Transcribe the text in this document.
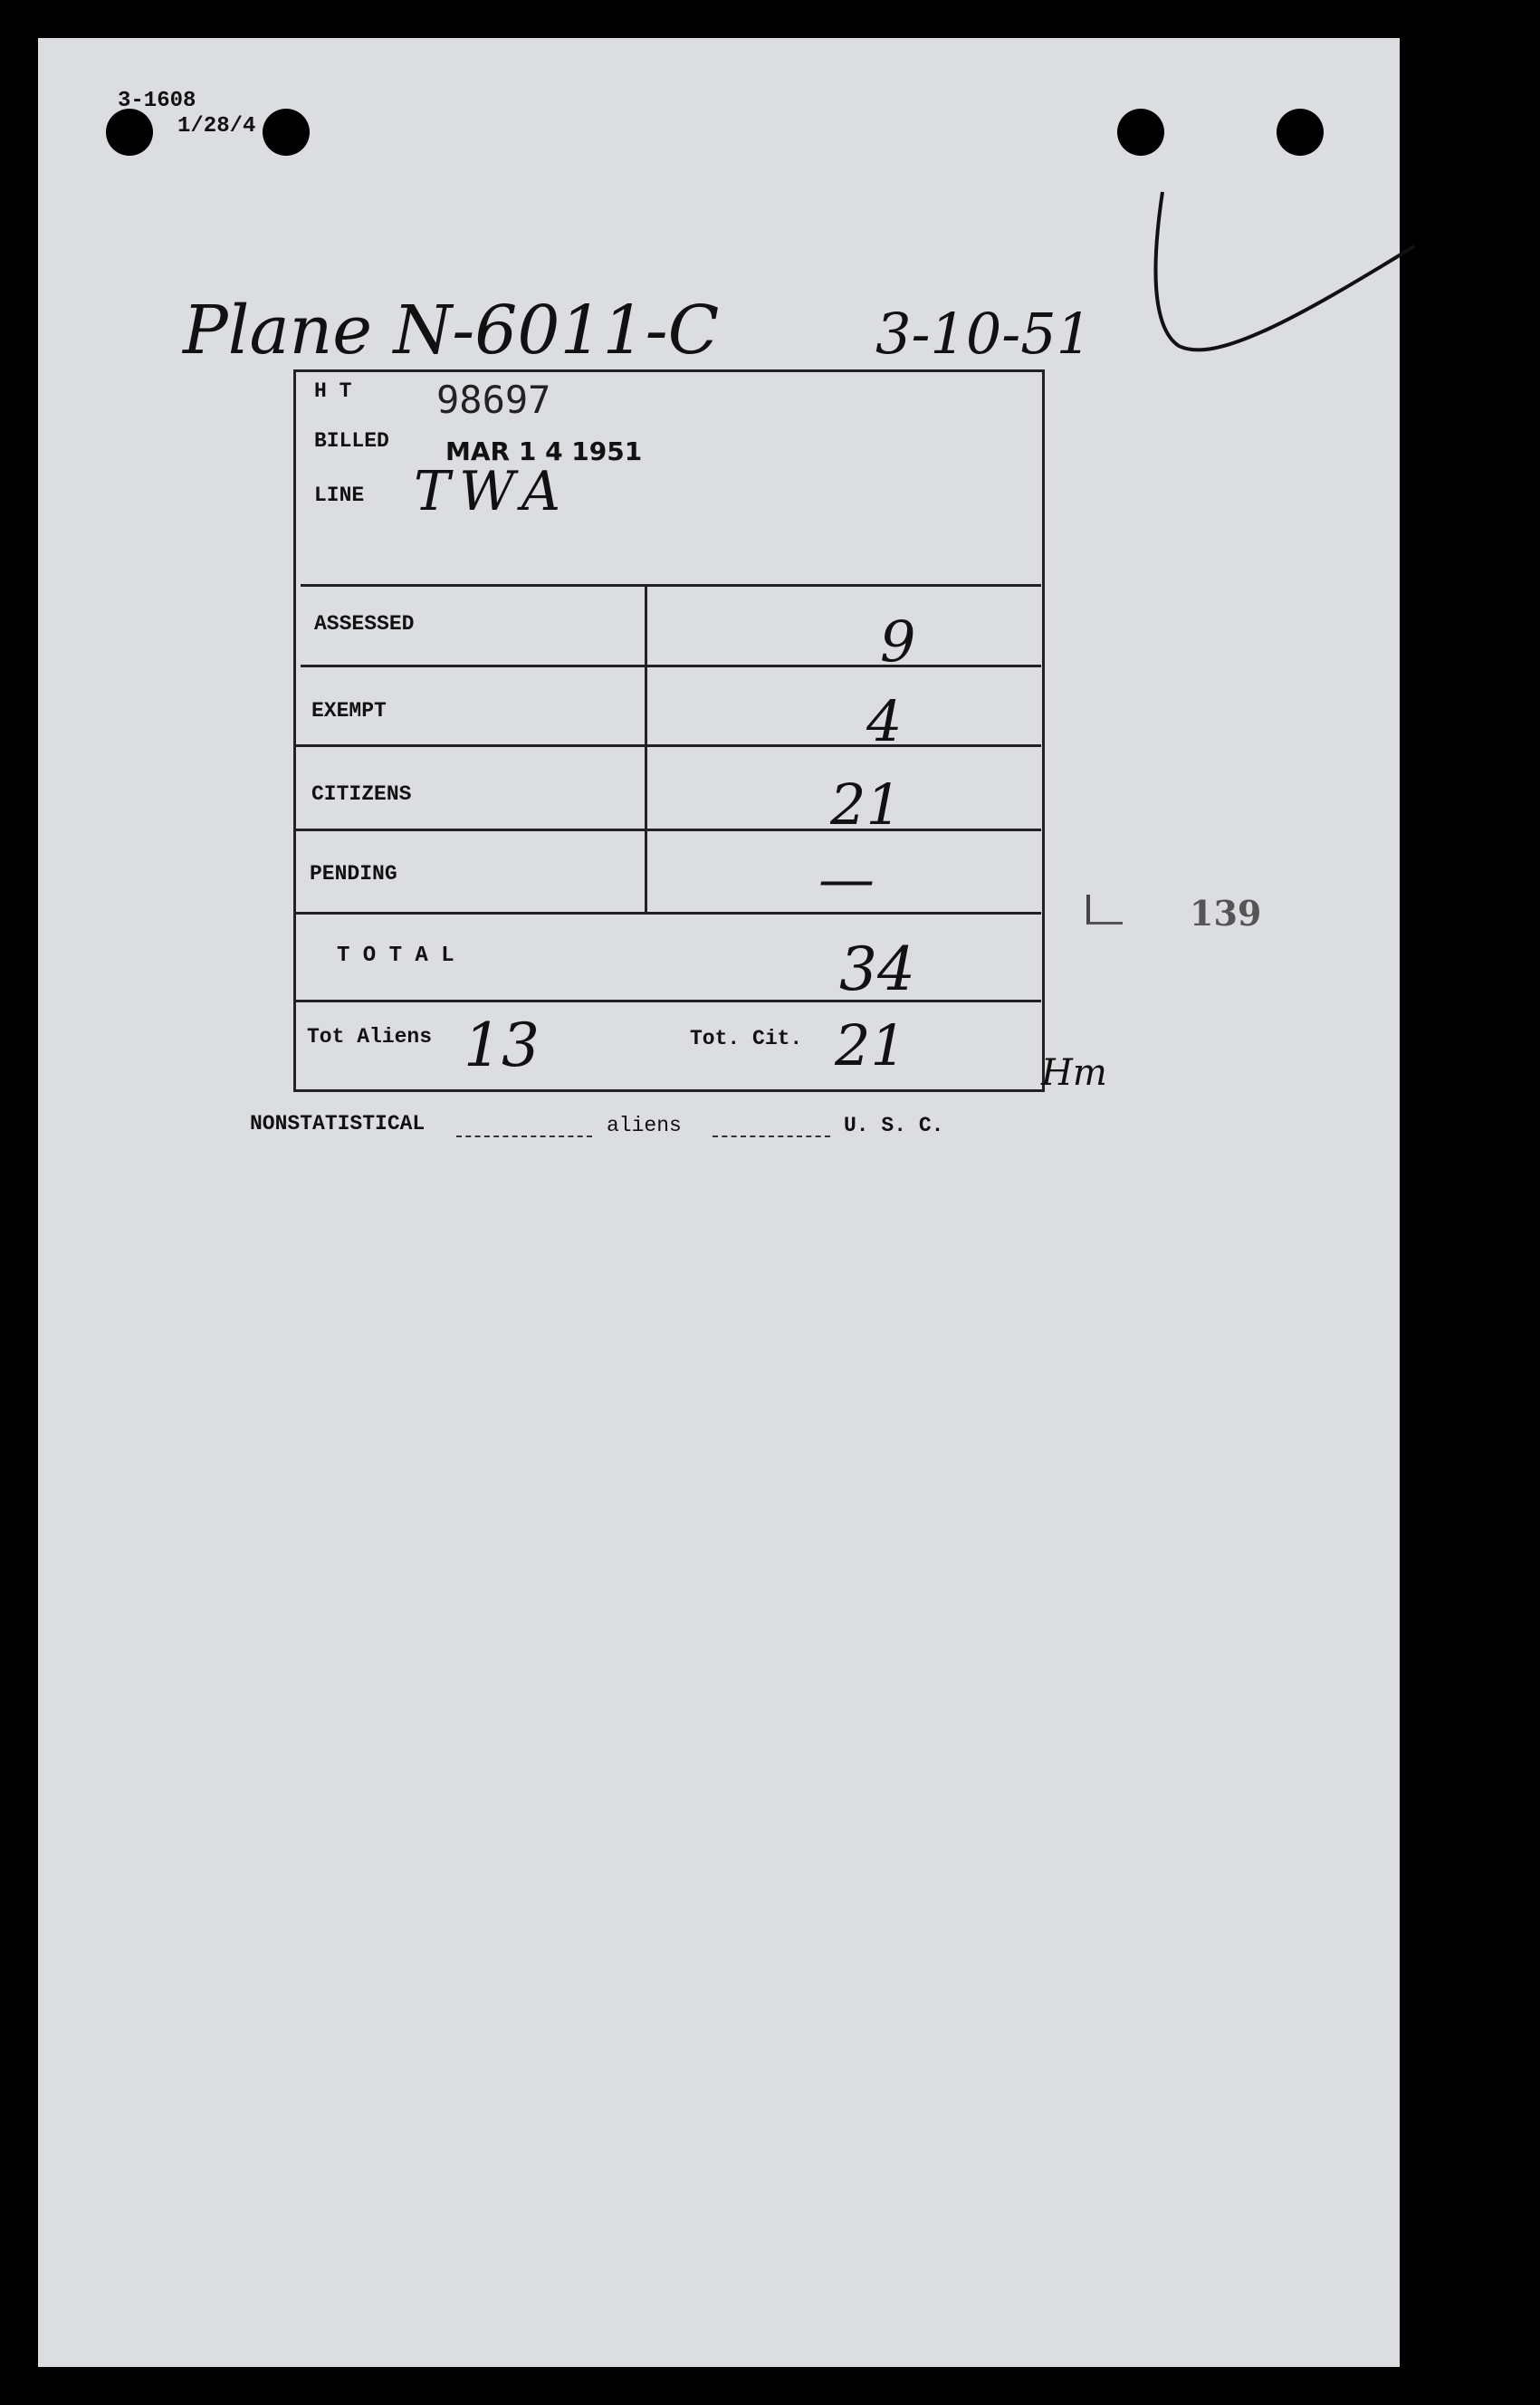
3-1608
1/28/4
Plane N-6011-C	3-10-51
H T 98697
BILLED MAR 1 4 1951
LINE TWA
ASSESSED	9
EXEMPT	4
CITIZENS	21
PENDING	—
T O T A L	34
Tot Aliens 13	Tot. Cit. 21	Hm
139
NONSTATISTICAL	aliens	U. S. C.
